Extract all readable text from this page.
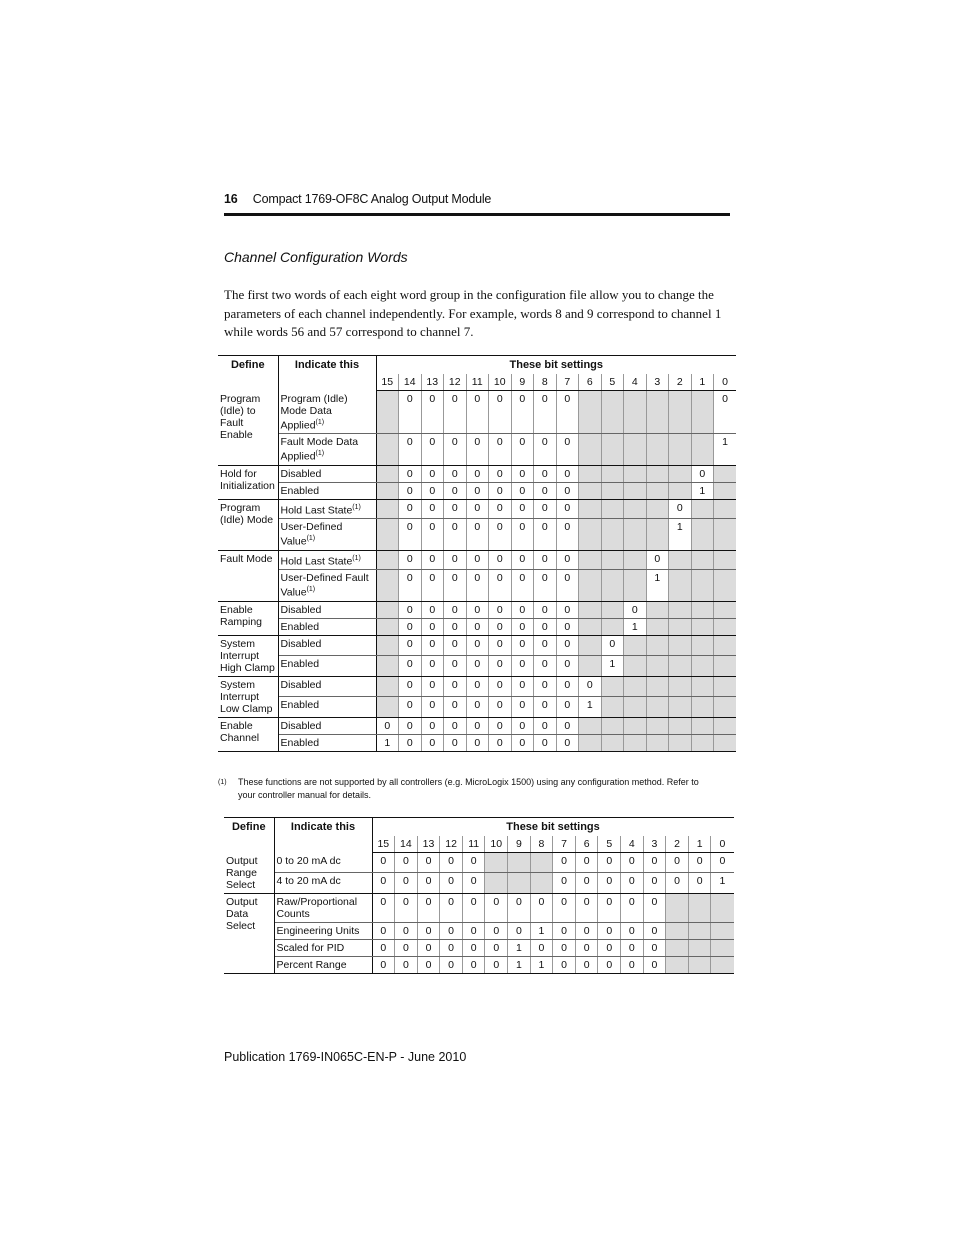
16 Compact 1769-OF8C Analog Output Module
Channel Configuration Words
The first two words of each eight word group in the configuration file allow you to change the parameters of each channel independently. For example, words 8 and 9 correspond to channel 1 while words 56 and 57 correspond to channel 7.
Define	Indicate this	These bit settings															
		15	14	13	12	11	10	9	8	7	6	5	4	3	2	1	0
Program (Idle) to Fault Enable	Program (Idle) Mode Data Applied$^{(1)}$		0	0	0	0	0	0	0	0							0
	Fault Mode Data Applied$^{(1)}$		0	0	0	0	0	0	0	0							1
Hold for Initialization	Disabled		0	0	0	0	0	0	0	0						0	
	Enabled		0	0	0	0	0	0	0	0						1	
Program (Idle) Mode	Hold Last State$^{(1)}$		0	0	0	0	0	0	0	0					0		
	User-Defined Value$^{(1)}$		0	0	0	0	0	0	0	0					1		
Fault Mode	Hold Last State$^{(1)}$		0	0	0	0	0	0	0	0				0			
	User-Defined Fault Value$^{(1)}$		0	0	0	0	0	0	0	0				1			
Enable Ramping	Disabled		0	0	0	0	0	0	0	0			0				
	Enabled		0	0	0	0	0	0	0	0			1				
System Interrupt High Clamp	Disabled		0	0	0	0	0	0	0	0		0					
	Enabled		0	0	0	0	0	0	0	0		1					
System Interrupt Low Clamp	Disabled		0	0	0	0	0	0	0	0	0						
	Enabled		0	0	0	0	0	0	0	0	1						
Enable Channel	Disabled	0	0	0	0	0	0	0	0	0							
	Enabled	1	0	0	0	0	0	0	0	0							
(1) These functions are not supported by all controllers (e.g. MicroLogix 1500) using any configuration method. Refer to your controller manual for details.
Define	Indicate this	These bit settings															
		15	14	13	12	11	10	9	8	7	6	5	4	3	2	1	0
Output Range Select	0 to 20 mA dc	0	0	0	0	0				0	0	0	0	0	0	0	0
	4 to 20 mA dc	0	0	0	0	0				0	0	0	0	0	0	0	1
Output Data Select	Raw/Proportional Counts	0	0	0	0	0	0	0	0	0	0	0	0	0			
	Engineering Units	0	0	0	0	0	0	0	1	0	0	0	0	0			
	Scaled for PID	0	0	0	0	0	0	1	0	0	0	0	0	0			
	Percent Range	0	0	0	0	0	0	1	1	0	0	0	0	0			
Publication 1769-IN065C-EN-P - June 2010
